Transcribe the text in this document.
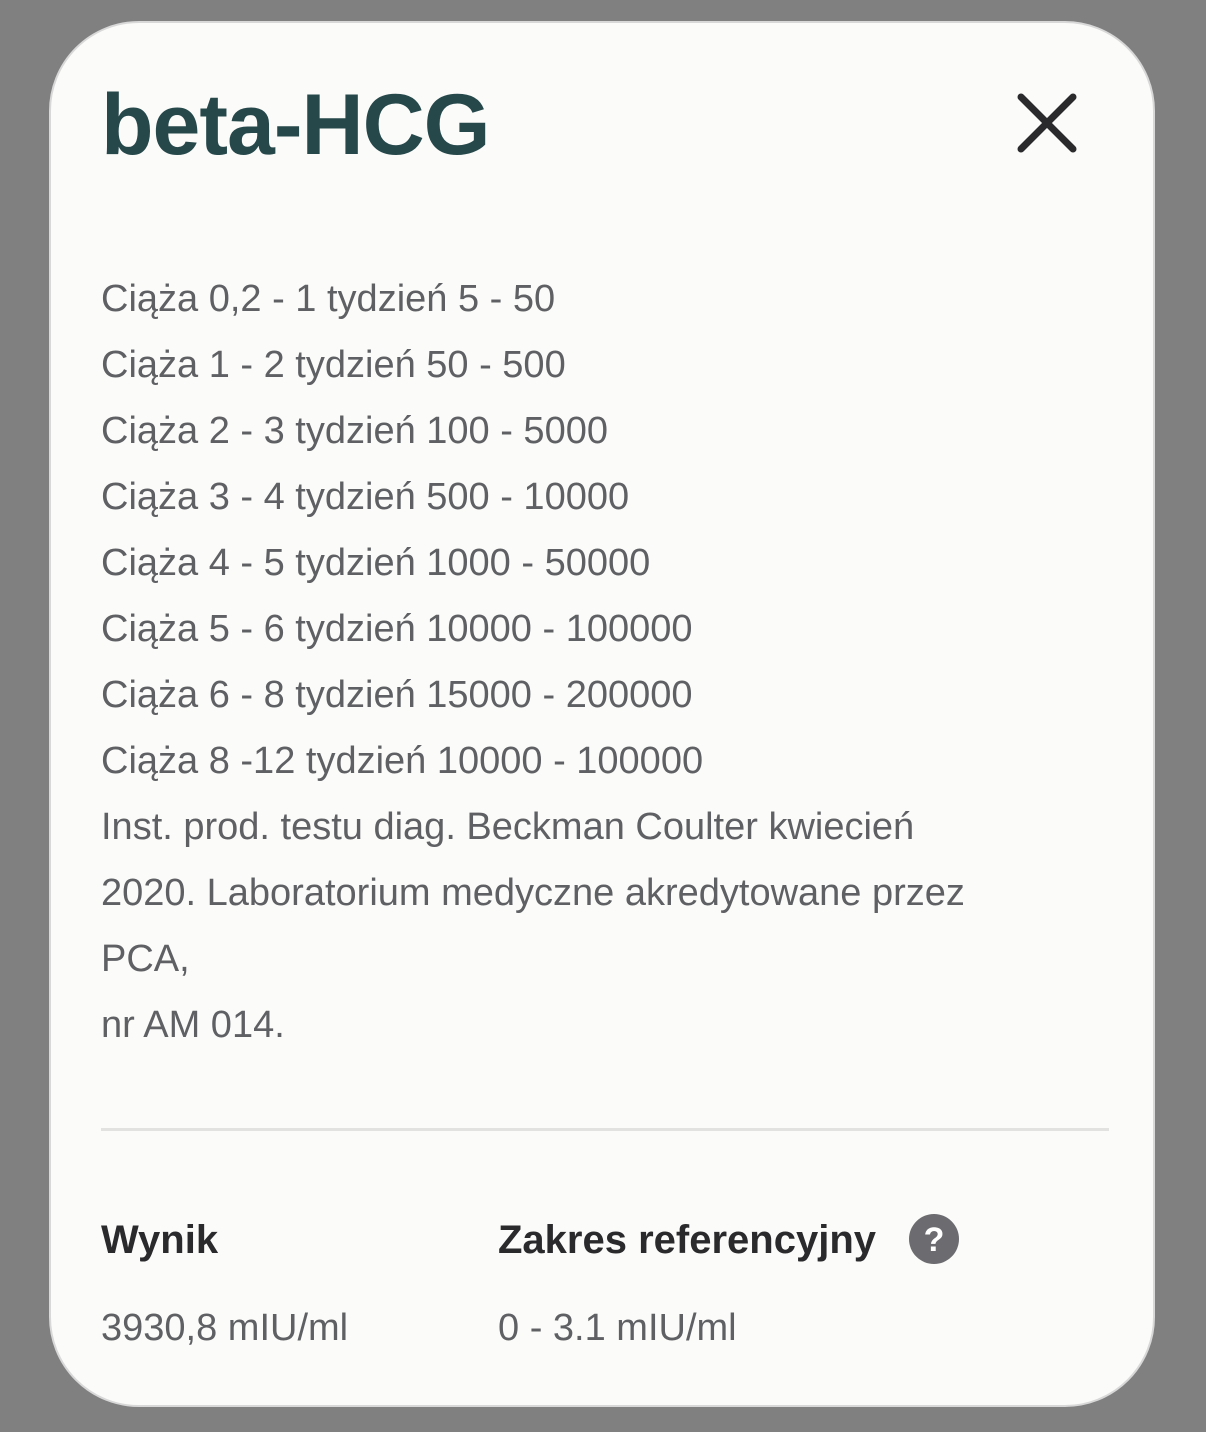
beta-HCG

Ciąża 0,2 - 1 tydzień 5 - 50
Ciąża 1 - 2 tydzień 50 - 500
Ciąża 2 - 3 tydzień 100 - 5000
Ciąża 3 - 4 tydzień 500 - 10000
Ciąża 4 - 5 tydzień 1000 - 50000
Ciąża 5 - 6 tydzień 10000 - 100000
Ciąża 6 - 8 tydzień 15000 - 200000
Ciąża 8 -12 tydzień 10000 - 100000
Inst. prod. testu diag. Beckman Coulter kwiecień
2020. Laboratorium medyczne akredytowane przez
PCA,
nr AM 014.

Wynik
3930,8 mIU/ml
Zakres referencyjny ?
0 - 3.1 mIU/ml
